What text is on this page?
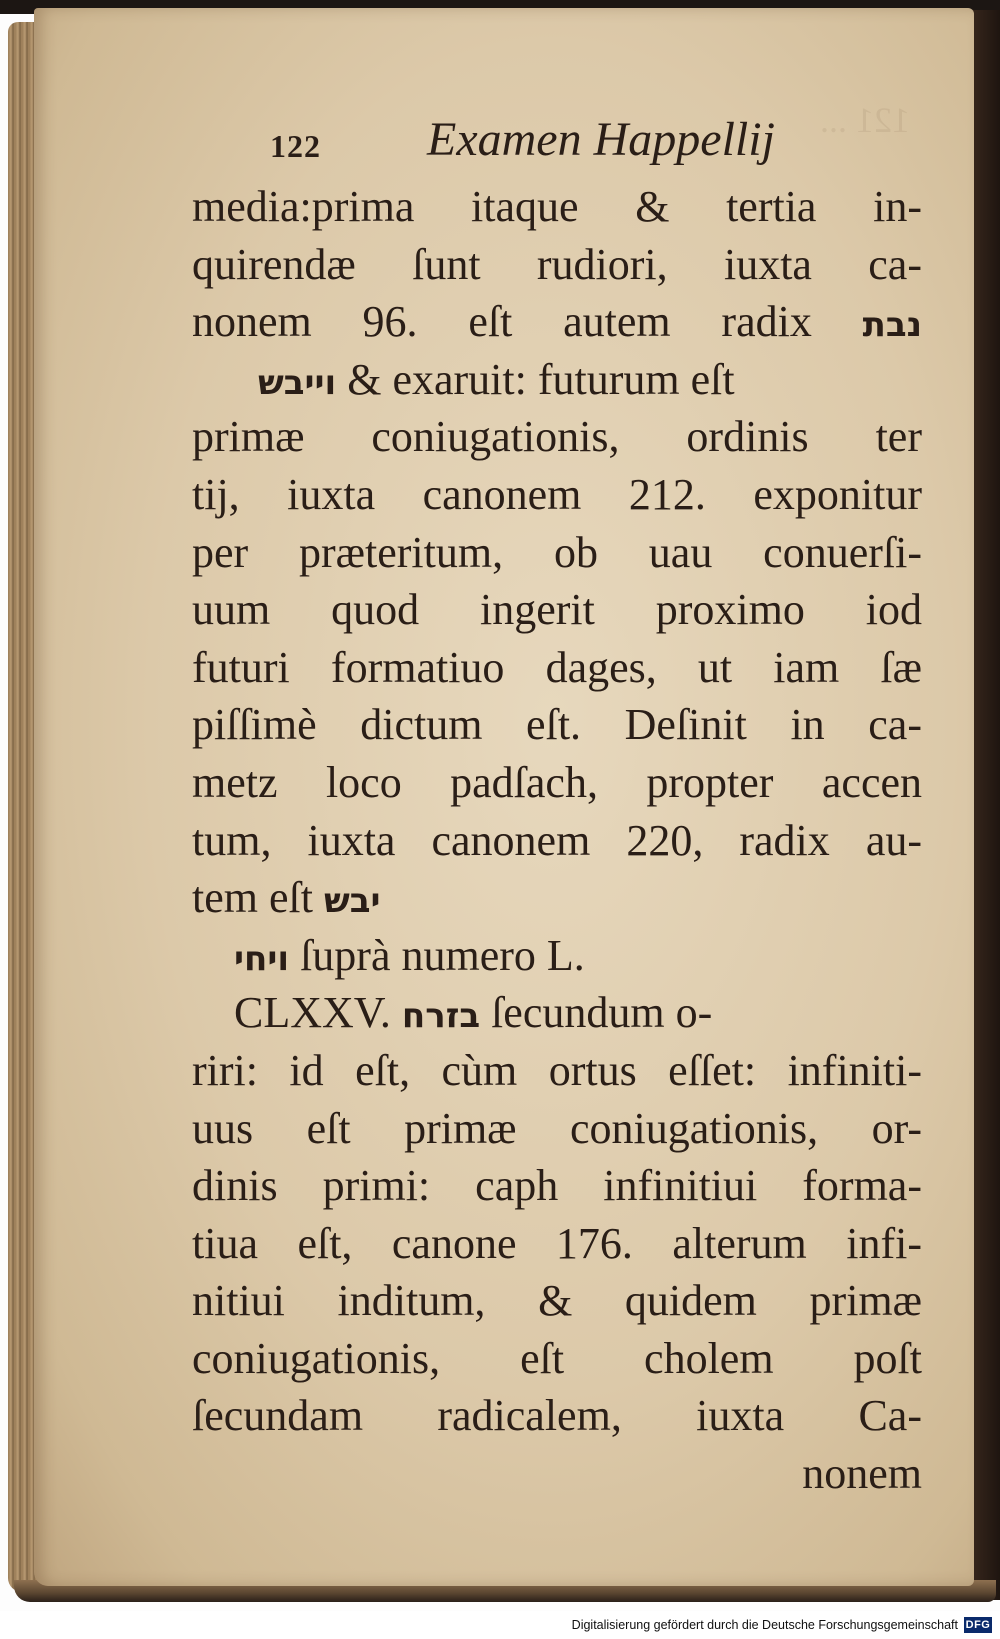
121 ...
122 Examen Happellij
media:prima itaque & tertia in-
quirendæ ſunt rudiori, iuxta ca-
nonem 96. eſt autem radix נבת
וייבש & exaruit: futurum eſt
primæ coniugationis, ordinis ter
tij, iuxta canonem 212. exponitur
per præteritum, ob uau conuerſi-
uum quod ingerit proximo iod
futuri formatiuo dages, ut iam ſæ
piſſimè dictum eſt. Deſinit in ca-
metz loco padſach, propter accen
tum, iuxta canonem 220, radix au-
tem eſt יבש
ויחי ſuprà numero L.
CLXXV. בזרח ſecundum o-
riri: id eſt, cùm ortus eſſet: infiniti-
uus eſt primæ coniugationis, or-
dinis primi: caph infinitiui forma-
tiua eſt, canone 176. alterum infi-
nitiui inditum, & quidem primæ
coniugationis, eſt cholem poſt
ſecundam radicalem, iuxta Ca-
nonem
Digitalisierung gefördert durch die Deutsche Forschungsgemeinschaft DFG
